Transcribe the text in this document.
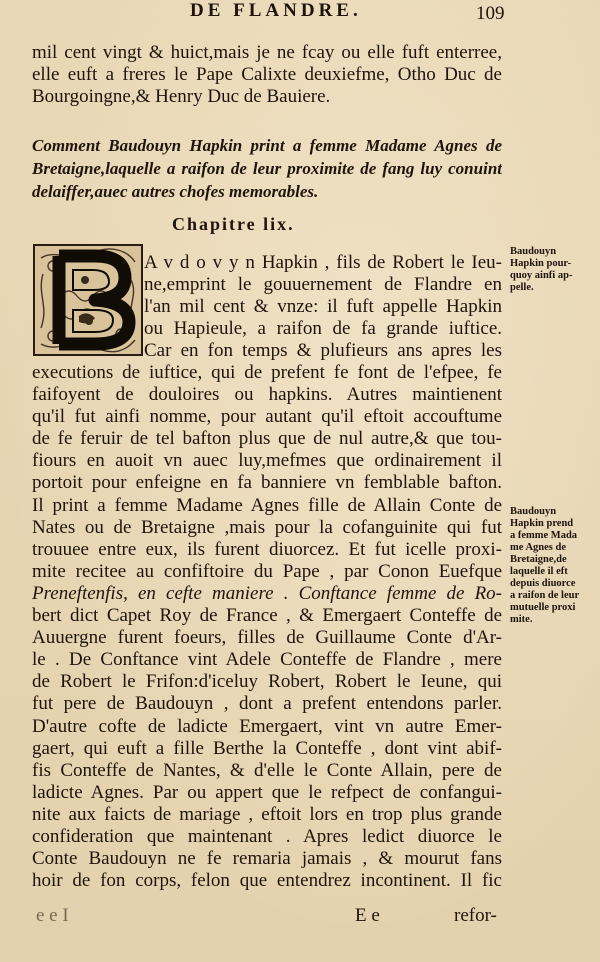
DE FLANDRE.	109
mil cent vingt & huict,mais je ne fcay ou elle fuft enterree,
elle euft a freres le Pape Calixte deuxiefme, Otho Duc de
Bourgoingne,& Henry Duc de Bauiere.
Comment Baudouyn Hapkin print a femme Madame Agnes de
Bretaigne,laquelle a raifon de leur proximite de fang luy conuint
delaiffer,auec autres chofes memorables.
Chapitre lix.
A v d o v y n Hapkin , fils de Robert le Ieu-
ne,emprint le gouuernement de Flandre en
l'an mil cent & vnze: il fuft appelle Hapkin
ou Hapieule, a raifon de fa grande iuftice.
Car en fon temps & plufieurs ans apres les
executions de iuftice, qui de prefent fe font de l'efpee, fe
faifoyent de douloires ou hapkins. Autres maintienent
qu'il fut ainfi nomme, pour autant qu'il eftoit accouftume
de fe feruir de tel bafton plus que de nul autre,& que tou-
fiours en auoit vn auec luy,mefmes que ordinairement il
portoit pour enfeigne en fa banniere vn femblable bafton.
Il print a femme Madame Agnes fille de Allain Conte de
Nates ou de Bretaigne ,mais pour la cofanguinite qui fut
trouuee entre eux, ils furent diuorcez. Et fut icelle proxi-
mite recitee au confiftoire du Pape , par Conon Euefque
Preneftenfis, en cefte maniere . Conftance femme de Ro-
bert dict Capet Roy de France , & Emergaert Conteffe de
Auuergne furent foeurs, filles de Guillaume Conte d'Ar-
le . De Conftance vint Adele Conteffe de Flandre , mere
de Robert le Frifon:d'iceluy Robert, Robert le Ieune, qui
fut pere de Baudouyn , dont a prefent entendons parler.
D'autre cofte de ladicte Emergaert, vint vn autre Emer-
gaert, qui euft a fille Berthe la Conteffe , dont vint abif-
fis Conteffe de Nantes, & d'elle le Conte Allain, pere de
ladicte Agnes. Par ou appert que le refpect de confangui-
nite aux faicts de mariage , eftoit lors en trop plus grande
confideration que maintenant . Apres ledict diuorce le
Conte Baudouyn ne fe remaria jamais , & mourut fans
hoir de fon corps, felon que entendrez incontinent. Il fic
Baudouyn
Hapkin pour-
quoy ainfi ap-
pelle.
Baudouyn
Hapkin prend
a femme Mada
me Agnes de
Bretaigne,de
laquelle il eft
depuis diuorce
a raifon de leur
mutuelle proxi
mite.
e e I	E e	refor-
